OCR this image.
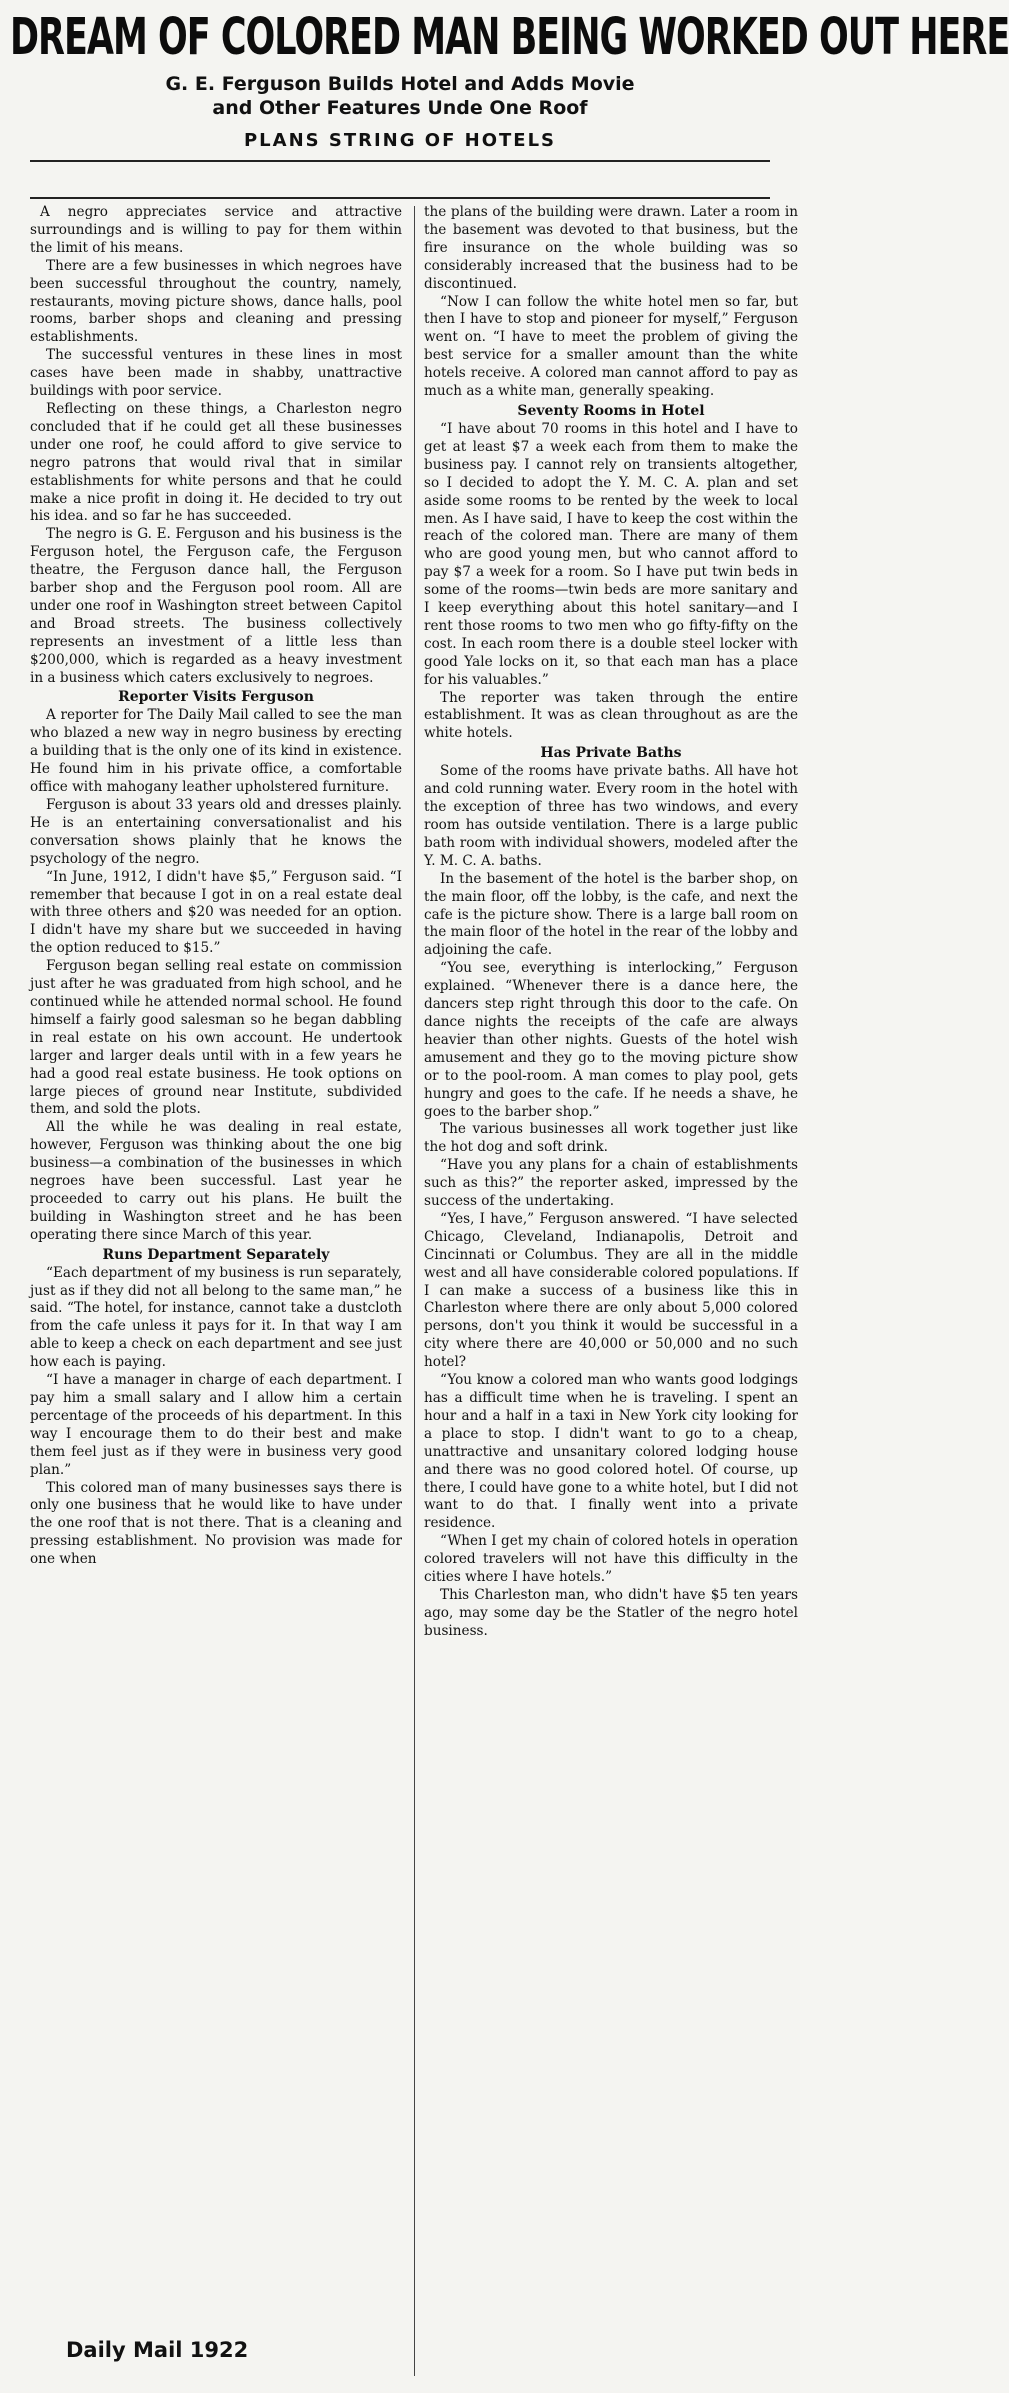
DREAM OF COLORED MAN BEING WORKED OUT HERE
G. E. Ferguson Builds Hotel and Adds Movie
and Other Features Unde One Roof
PLANS STRING OF HOTELS

A negro appreciates service and attractive surroundings and is willing to pay for them within the limit of his means.

There are a few businesses in which negroes have been successful throughout the country, namely, restaurants, moving picture shows, dance halls, pool rooms, barber shops and cleaning and pressing establishments.

The successful ventures in these lines in most cases have been made in shabby, unattractive buildings with poor service.

Reflecting on these things, a Charleston negro concluded that if he could get all these businesses under one roof, he could afford to give service to negro patrons that would rival that in similar establishments for white persons and that he could make a nice profit in doing it. He decided to try out his idea. and so far he has succeeded.

The negro is G. E. Ferguson and his business is the Ferguson hotel, the Ferguson cafe, the Ferguson theatre, the Ferguson dance hall, the Ferguson barber shop and the Ferguson pool room. All are under one roof in Washington street between Capitol and Broad streets. The business collectively represents an investment of a little less than $200,000, which is regarded as a heavy investment in a business which caters exclusively to negroes.

Reporter Visits Ferguson

A reporter for The Daily Mail called to see the man who blazed a new way in negro business by erecting a building that is the only one of its kind in existence. He found him in his private office, a comfortable office with mahogany leather upholstered furniture.

Ferguson is about 33 years old and dresses plainly. He is an entertaining conversationalist and his conversation shows plainly that he knows the psychology of the negro.

“In June, 1912, I didn't have $5,” Ferguson said. “I remember that because I got in on a real estate deal with three others and $20 was needed for an option. I didn't have my share but we succeeded in having the option reduced to $15.”

Ferguson began selling real estate on commission just after he was graduated from high school, and he continued while he attended normal school. He found himself a fairly good salesman so he began dabbling in real estate on his own account. He undertook larger and larger deals until with in a few years he had a good real estate business. He took options on large pieces of ground near Institute, subdivided them, and sold the plots.

All the while he was dealing in real estate, however, Ferguson was thinking about the one big business—a combination of the businesses in which negroes have been successful. Last year he proceeded to carry out his plans. He built the building in Washington street and he has been operating there since March of this year.

Runs Department Separately

“Each department of my business is run separately, just as if they did not all belong to the same man,” he said. “The hotel, for instance, cannot take a dustcloth from the cafe unless it pays for it. In that way I am able to keep a check on each department and see just how each is paying.

“I have a manager in charge of each department. I pay him a small salary and I allow him a certain percentage of the proceeds of his department. In this way I encourage them to do their best and make them feel just as if they were in business very good plan.”

This colored man of many businesses says there is only one business that he would like to have under the one roof that is not there. That is a cleaning and pressing establishment. No provision was made for one when

the plans of the building were drawn. Later a room in the basement was devoted to that business, but the fire insurance on the whole building was so considerably increased that the business had to be discontinued.

“Now I can follow the white hotel men so far, but then I have to stop and pioneer for myself,” Ferguson went on. “I have to meet the problem of giving the best service for a smaller amount than the white hotels receive. A colored man cannot afford to pay as much as a white man, generally speaking.

Seventy Rooms in Hotel

“I have about 70 rooms in this hotel and I have to get at least $7 a week each from them to make the business pay. I cannot rely on transients altogether, so I decided to adopt the Y. M. C. A. plan and set aside some rooms to be rented by the week to local men. As I have said, I have to keep the cost within the reach of the colored man. There are many of them who are good young men, but who cannot afford to pay $7 a week for a room. So I have put twin beds in some of the rooms—twin beds are more sanitary and I keep everything about this hotel sanitary—and I rent those rooms to two men who go fifty-fifty on the cost. In each room there is a double steel locker with good Yale locks on it, so that each man has a place for his valuables.”

The reporter was taken through the entire establishment. It was as clean throughout as are the white hotels.

Has Private Baths

Some of the rooms have private baths. All have hot and cold running water. Every room in the hotel with the exception of three has two windows, and every room has outside ventilation. There is a large public bath room with individual showers, modeled after the Y. M. C. A. baths.

In the basement of the hotel is the barber shop, on the main floor, off the lobby, is the cafe, and next the cafe is the picture show. There is a large ball room on the main floor of the hotel in the rear of the lobby and adjoining the cafe.

“You see, everything is interlocking,” Ferguson explained. “Whenever there is a dance here, the dancers step right through this door to the cafe. On dance nights the receipts of the cafe are always heavier than other nights. Guests of the hotel wish amusement and they go to the moving picture show or to the pool-room. A man comes to play pool, gets hungry and goes to the cafe. If he needs a shave, he goes to the barber shop.”

The various businesses all work together just like the hot dog and soft drink.

“Have you any plans for a chain of establishments such as this?” the reporter asked, impressed by the success of the undertaking.

“Yes, I have,” Ferguson answered. “I have selected Chicago, Cleveland, Indianapolis, Detroit and Cincinnati or Columbus. They are all in the middle west and all have considerable colored populations. If I can make a success of a business like this in Charleston where there are only about 5,000 colored persons, don't you think it would be successful in a city where there are 40,000 or 50,000 and no such hotel?

“You know a colored man who wants good lodgings has a difficult time when he is traveling. I spent an hour and a half in a taxi in New York city looking for a place to stop. I didn't want to go to a cheap, unattractive and unsanitary colored lodging house and there was no good colored hotel. Of course, up there, I could have gone to a white hotel, but I did not want to do that. I finally went into a private residence.

“When I get my chain of colored hotels in operation colored travelers will not have this difficulty in the cities where I have hotels.”

This Charleston man, who didn't have $5 ten years ago, may some day be the Statler of the negro hotel business.

Daily Mail 1922
